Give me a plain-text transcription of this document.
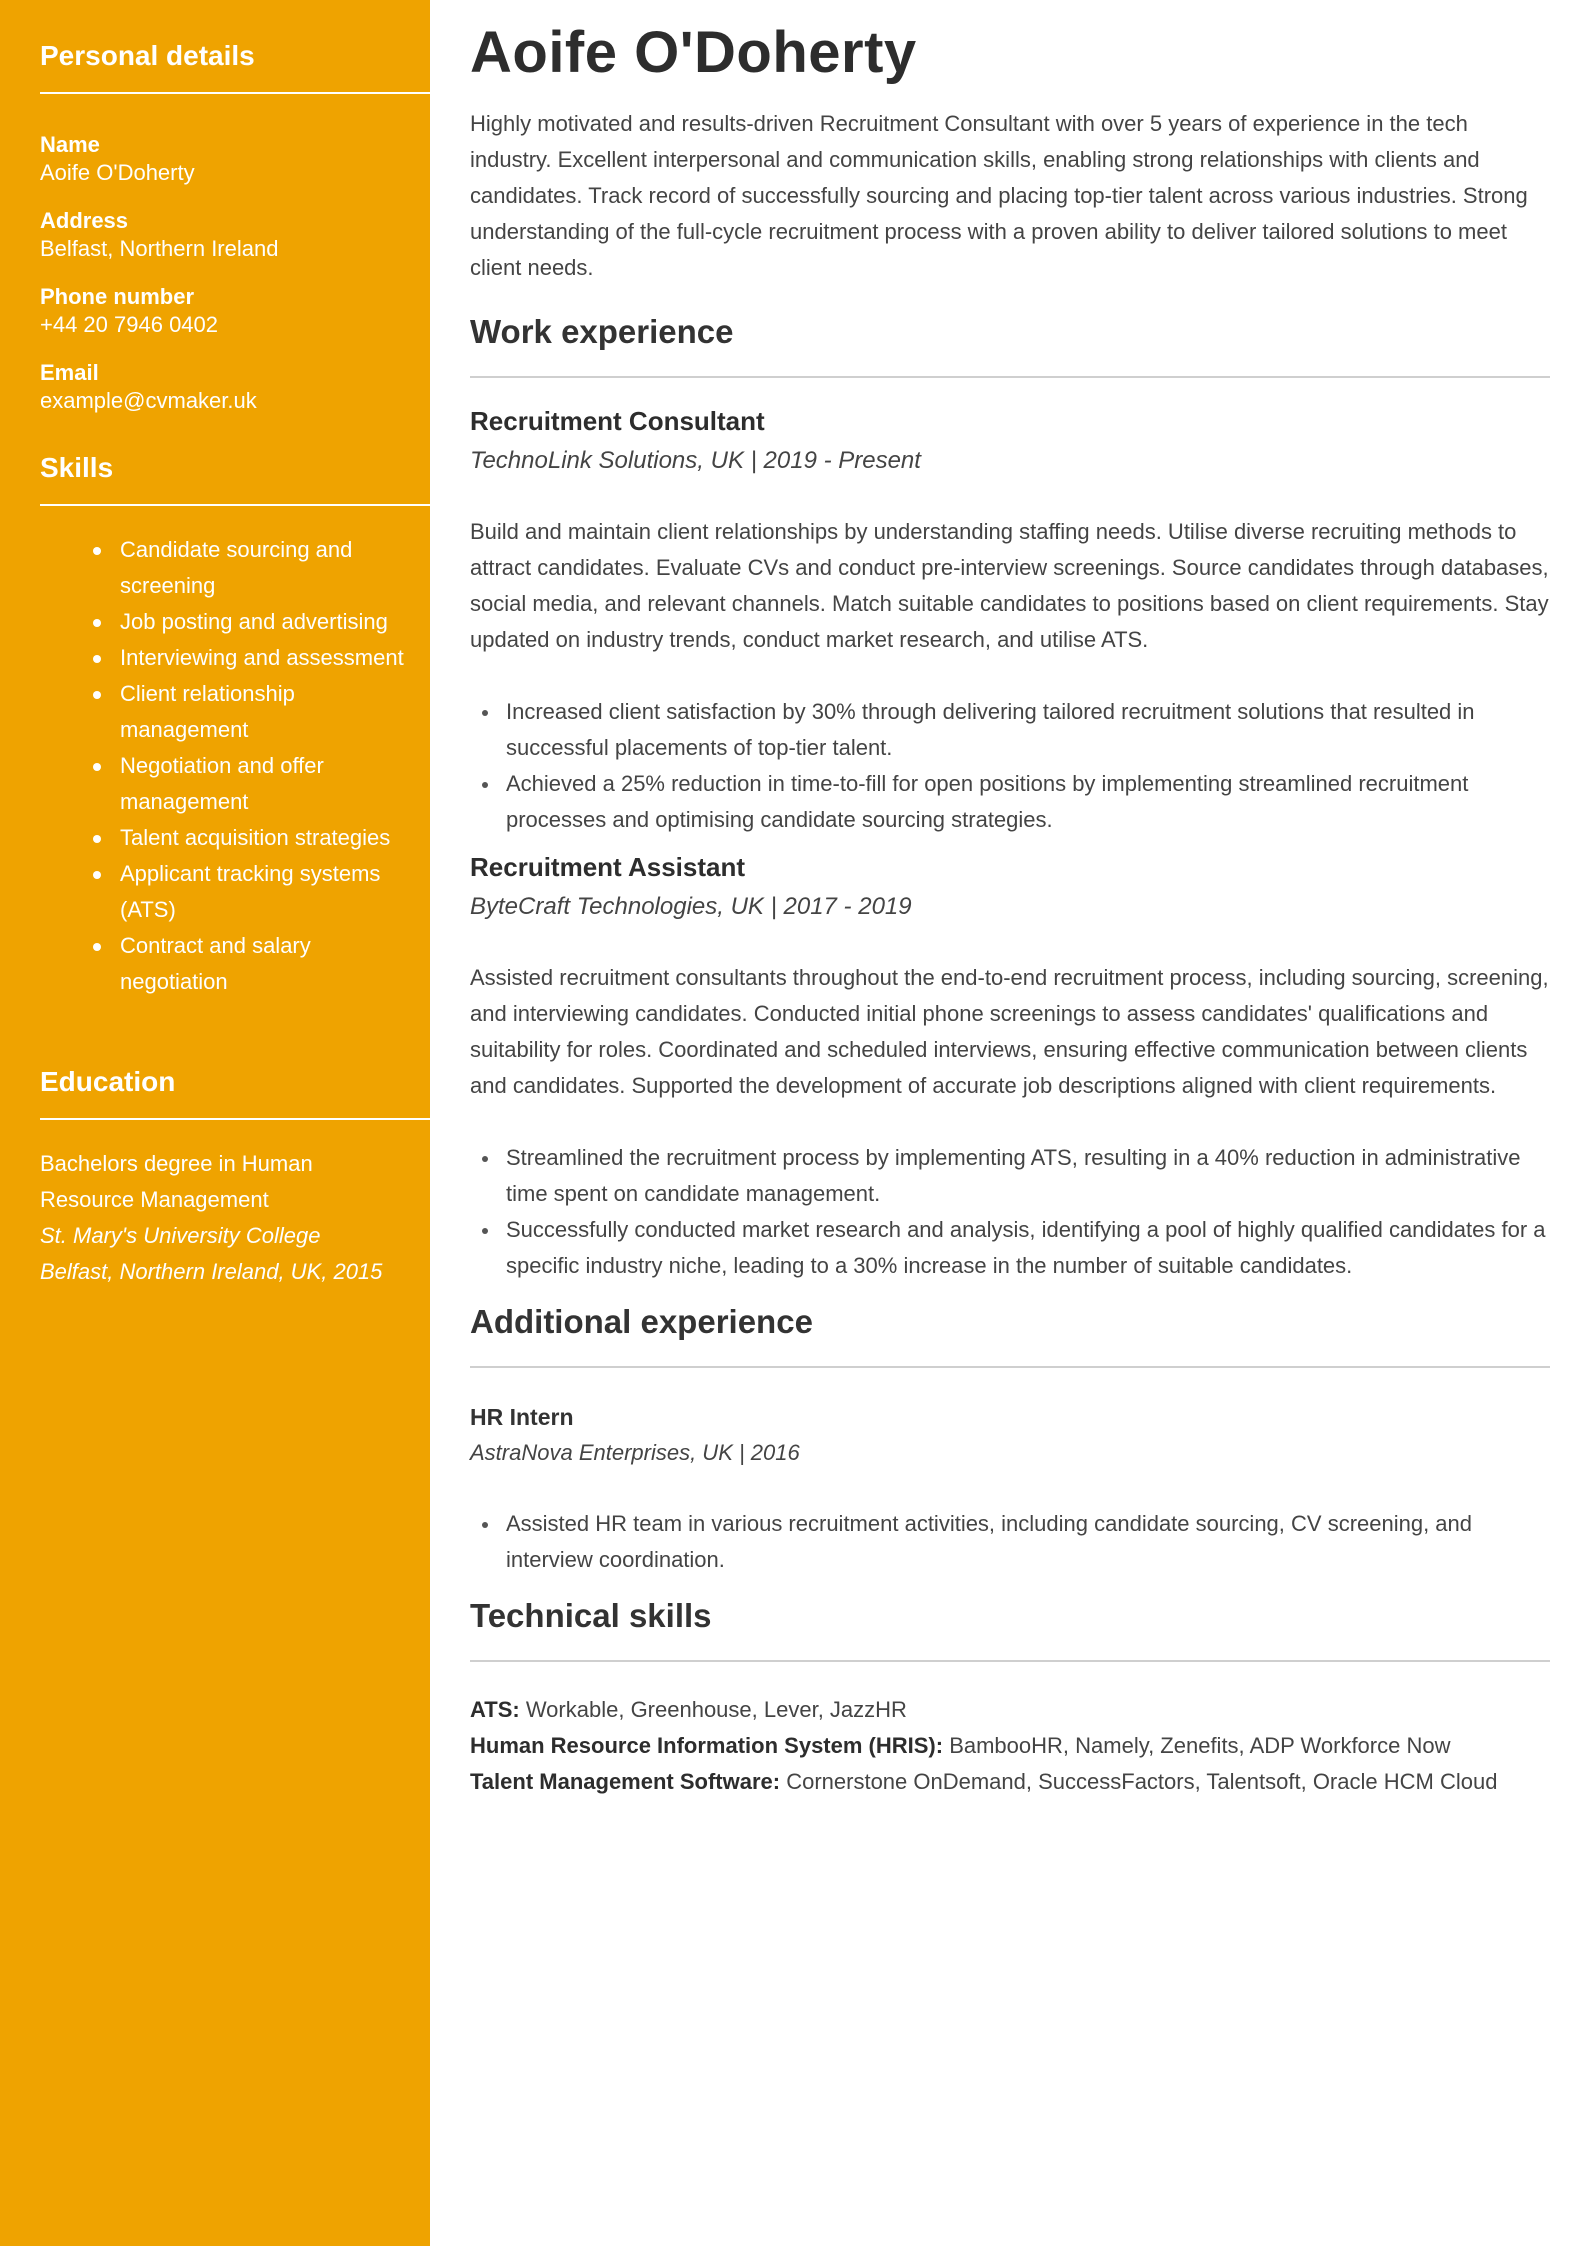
Personal details
Name
Aoife O'Doherty
Address
Belfast, Northern Ireland
Phone number
+44 20 7946 0402
Email
example@cvmaker.uk
Skills
Candidate sourcing and screening
Job posting and advertising
Interviewing and assessment
Client relationship management
Negotiation and offer management
Talent acquisition strategies
Applicant tracking systems (ATS)
Contract and salary negotiation
Education
Bachelors degree in Human Resource Management
St. Mary's University College
Belfast, Northern Ireland, UK, 2015
Aoife O'Doherty

Highly motivated and results-driven Recruitment Consultant with over 5 years of experience in the tech industry. Excellent interpersonal and communication skills, enabling strong relationships with clients and candidates. Track record of successfully sourcing and placing top-tier talent across various industries. Strong understanding of the full-cycle recruitment process with a proven ability to deliver tailored solutions to meet client needs.

Work experience
Recruitment Consultant
TechnoLink Solutions, UK | 2019 - Present

Build and maintain client relationships by understanding staffing needs. Utilise diverse recruiting methods to attract candidates. Evaluate CVs and conduct pre-interview screenings. Source candidates through databases, social media, and relevant channels. Match suitable candidates to positions based on client requirements. Stay updated on industry trends, conduct market research, and utilise ATS.

Increased client satisfaction by 30% through delivering tailored recruitment solutions that resulted in successful placements of top-tier talent.
Achieved a 25% reduction in time-to-fill for open positions by implementing streamlined recruitment processes and optimising candidate sourcing strategies.
Recruitment Assistant
ByteCraft Technologies, UK | 2017 - 2019

Assisted recruitment consultants throughout the end-to-end recruitment process, including sourcing, screening, and interviewing candidates. Conducted initial phone screenings to assess candidates' qualifications and suitability for roles. Coordinated and scheduled interviews, ensuring effective communication between clients and candidates. Supported the development of accurate job descriptions aligned with client requirements.

Streamlined the recruitment process by implementing ATS, resulting in a 40% reduction in administrative time spent on candidate management.
Successfully conducted market research and analysis, identifying a pool of highly qualified candidates for a specific industry niche, leading to a 30% increase in the number of suitable candidates.
Additional experience
HR Intern
AstraNova Enterprises, UK | 2016
Assisted HR team in various recruitment activities, including candidate sourcing, CV screening, and interview coordination.
Technical skills
ATS: Workable, Greenhouse, Lever, JazzHR
Human Resource Information System (HRIS): BambooHR, Namely, Zenefits, ADP Workforce Now
Talent Management Software: Cornerstone OnDemand, SuccessFactors, Talentsoft, Oracle HCM Cloud
